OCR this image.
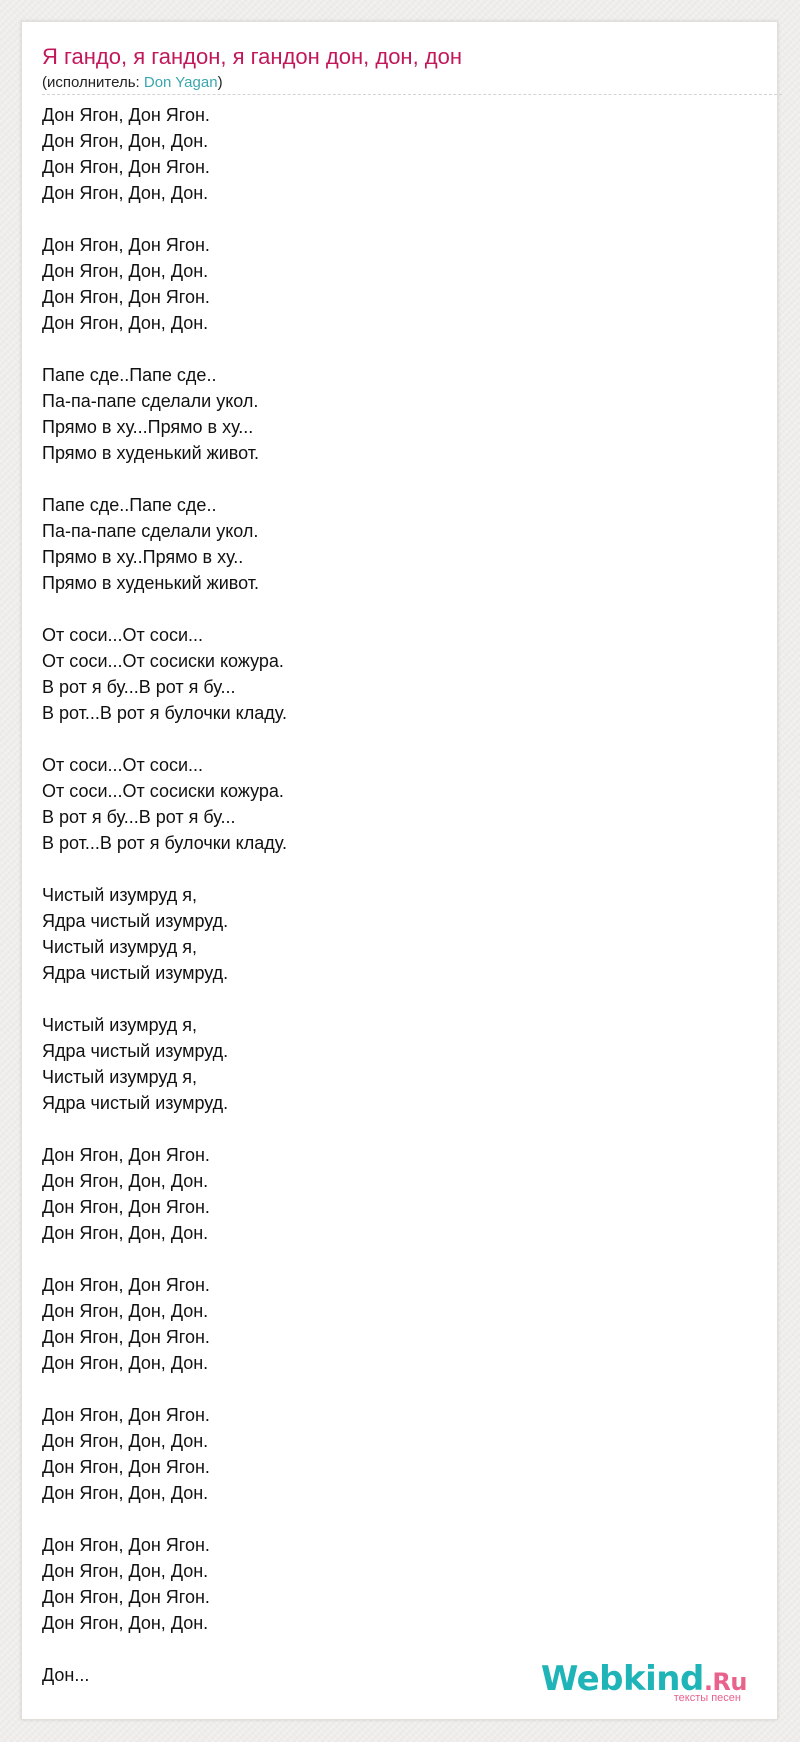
Я гандо, я гандон, я гандон дон, дон, дон
(исполнитель: Don Yagan)
Дон Ягон, Дон Ягон.
Дон Ягон, Дон, Дон.
Дон Ягон, Дон Ягон.
Дон Ягон, Дон, Дон.
Дон Ягон, Дон Ягон.
Дон Ягон, Дон, Дон.
Дон Ягон, Дон Ягон.
Дон Ягон, Дон, Дон.
Папе сде..Папе сде..
Па-па-папе сделали укол.
Прямо в ху...Прямо в ху...
Прямо в худенький живот.
Папе сде..Папе сде..
Па-па-папе сделали укол.
Прямо в ху..Прямо в ху..
Прямо в худенький живот.
От соси...От соси...
От соси...От сосиски кожура.
В рот я бу...В рот я бу...
В рот...В рот я булочки кладу.
От соси...От соси...
От соси...От сосиски кожура.
В рот я бу...В рот я бу...
В рот...В рот я булочки кладу.
Чистый изумруд я,
Ядра чистый изумруд.
Чистый изумруд я,
Ядра чистый изумруд.
Чистый изумруд я,
Ядра чистый изумруд.
Чистый изумруд я,
Ядра чистый изумруд.
Дон Ягон, Дон Ягон.
Дон Ягон, Дон, Дон.
Дон Ягон, Дон Ягон.
Дон Ягон, Дон, Дон.
Дон Ягон, Дон Ягон.
Дон Ягон, Дон, Дон.
Дон Ягон, Дон Ягон.
Дон Ягон, Дон, Дон.
Дон Ягон, Дон Ягон.
Дон Ягон, Дон, Дон.
Дон Ягон, Дон Ягон.
Дон Ягон, Дон, Дон.
Дон Ягон, Дон Ягон.
Дон Ягон, Дон, Дон.
Дон Ягон, Дон Ягон.
Дон Ягон, Дон, Дон.
Дон...	Webkind.Ru
тексты песен
